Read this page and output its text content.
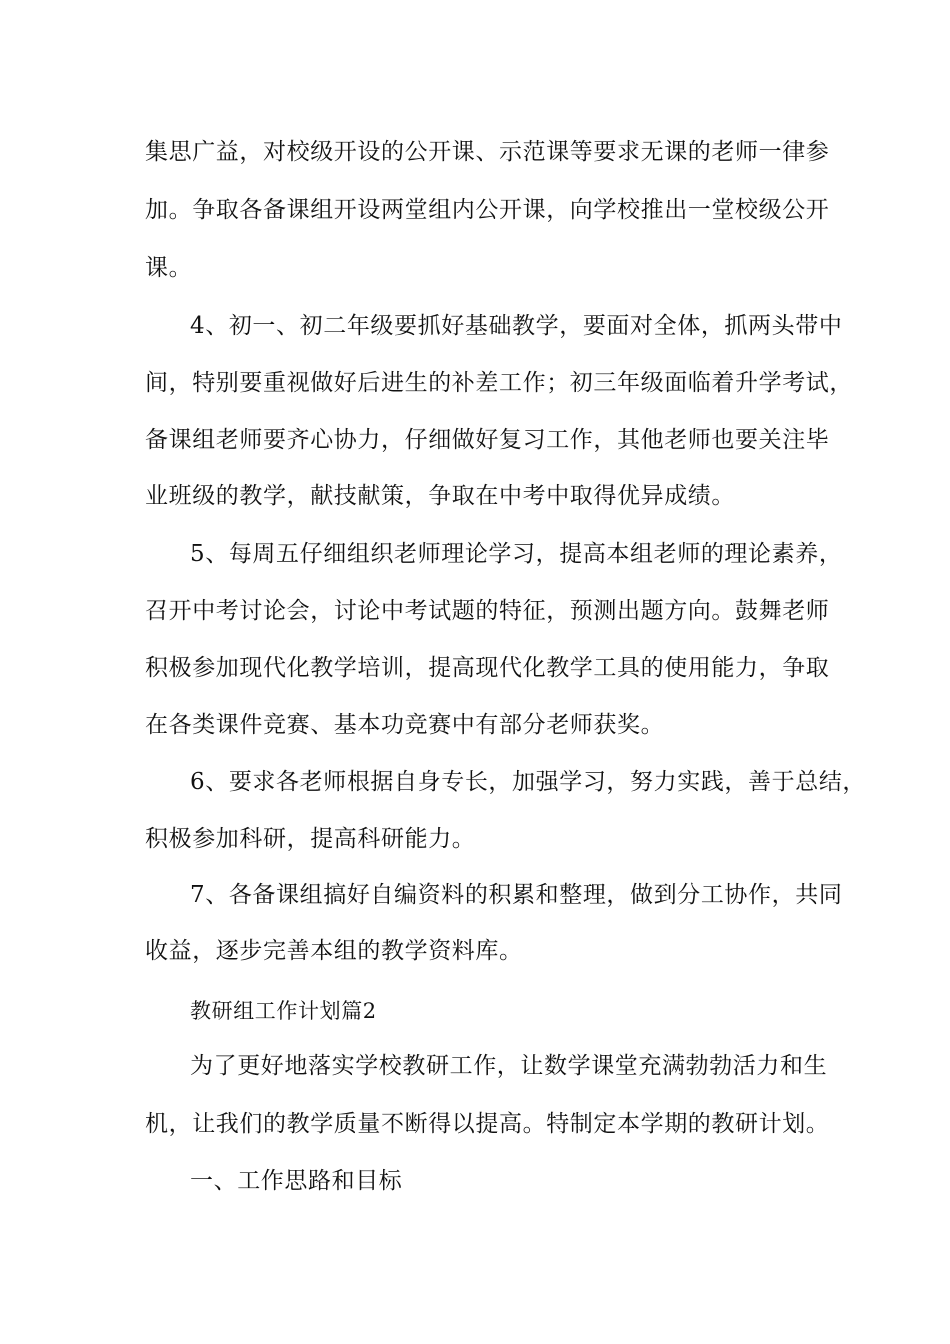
集思广益，对校级开设的公开课、示范课等要求无课的老师一律参
加。争取各备课组开设两堂组内公开课，向学校推出一堂校级公开
课。
4、初一、初二年级要抓好基础教学，要面对全体，抓两头带中
间，特别要重视做好后进生的补差工作；初三年级面临着升学考试，
备课组老师要齐心协力，仔细做好复习工作，其他老师也要关注毕
业班级的教学，献技献策，争取在中考中取得优异成绩。
5、每周五仔细组织老师理论学习，提高本组老师的理论素养，
召开中考讨论会，讨论中考试题的特征，预测出题方向。鼓舞老师
积极参加现代化教学培训，提高现代化教学工具的使用能力，争取
在各类课件竞赛、基本功竞赛中有部分老师获奖。
6、要求各老师根据自身专长，加强学习，努力实践，善于总结，
积极参加科研，提高科研能力。
7、各备课组搞好自编资料的积累和整理，做到分工协作，共同
收益，逐步完善本组的教学资料库。
教研组工作计划篇2
为了更好地落实学校教研工作，让数学课堂充满勃勃活力和生
机，让我们的教学质量不断得以提高。特制定本学期的教研计划。
一、工作思路和目标
